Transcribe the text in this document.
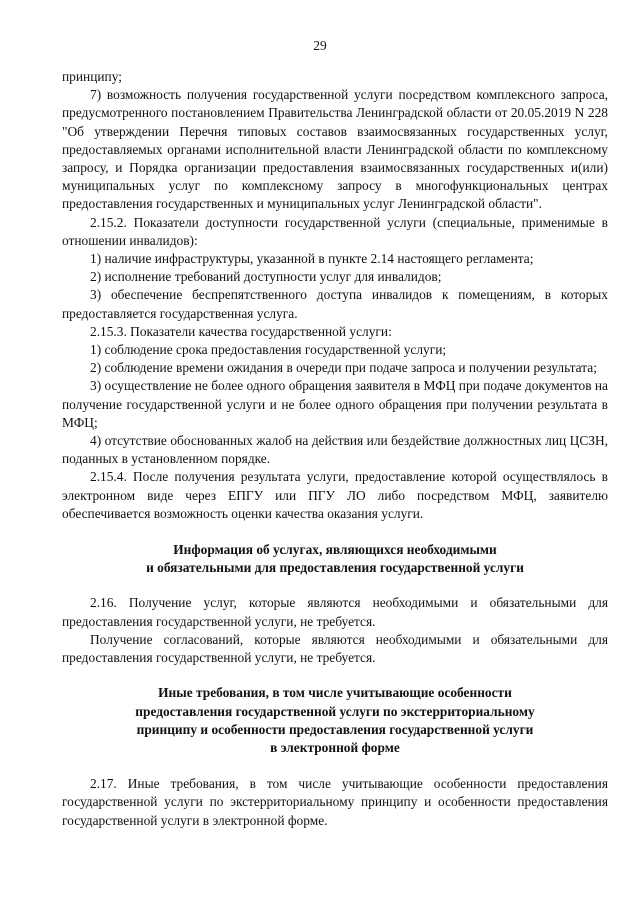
29

принципу;

7) возможность получения государственной услуги посредством комплексного запроса, предусмотренного постановлением Правительства Ленинградской области от 20.05.2019 N 228 "Об утверждении Перечня типовых составов взаимосвязанных государственных услуг, предоставляемых органами исполнительной власти Ленинградской области по комплексному запросу, и Порядка организации предоставления взаимосвязанных государственных и(или) муниципальных услуг по комплексному запросу в многофункциональных центрах предоставления государственных и муниципальных услуг Ленинградской области".

2.15.2. Показатели доступности государственной услуги (специальные, применимые в отношении инвалидов):

1) наличие инфраструктуры, указанной в пункте 2.14 настоящего регламента;

2) исполнение требований доступности услуг для инвалидов;

3) обеспечение беспрепятственного доступа инвалидов к помещениям, в которых предоставляется государственная услуга.

2.15.3. Показатели качества государственной услуги:

1) соблюдение срока предоставления государственной услуги;

2) соблюдение времени ожидания в очереди при подаче запроса и получении результата;

3) осуществление не более одного обращения заявителя в МФЦ при подаче документов на получение государственной услуги и не более одного обращения при получении результата в МФЦ;

4) отсутствие обоснованных жалоб на действия или бездействие должностных лиц ЦСЗН, поданных в установленном порядке.

2.15.4. После получения результата услуги, предоставление которой осуществлялось в электронном виде через ЕПГУ или ПГУ ЛО либо посредством МФЦ, заявителю обеспечивается возможность оценки качества оказания услуги.

Информация об услугах, являющихся необходимыми
и обязательными для предоставления государственной услуги

2.16. Получение услуг, которые являются необходимыми и обязательными для предоставления государственной услуги, не требуется.

Получение согласований, которые являются необходимыми и обязательными для предоставления государственной услуги, не требуется.

Иные требования, в том числе учитывающие особенности
предоставления государственной услуги по экстерриториальному
принципу и особенности предоставления государственной услуги
в электронной форме

2.17. Иные требования, в том числе учитывающие особенности предоставления государственной услуги по экстерриториальному принципу и особенности предоставления государственной услуги в электронной форме.
